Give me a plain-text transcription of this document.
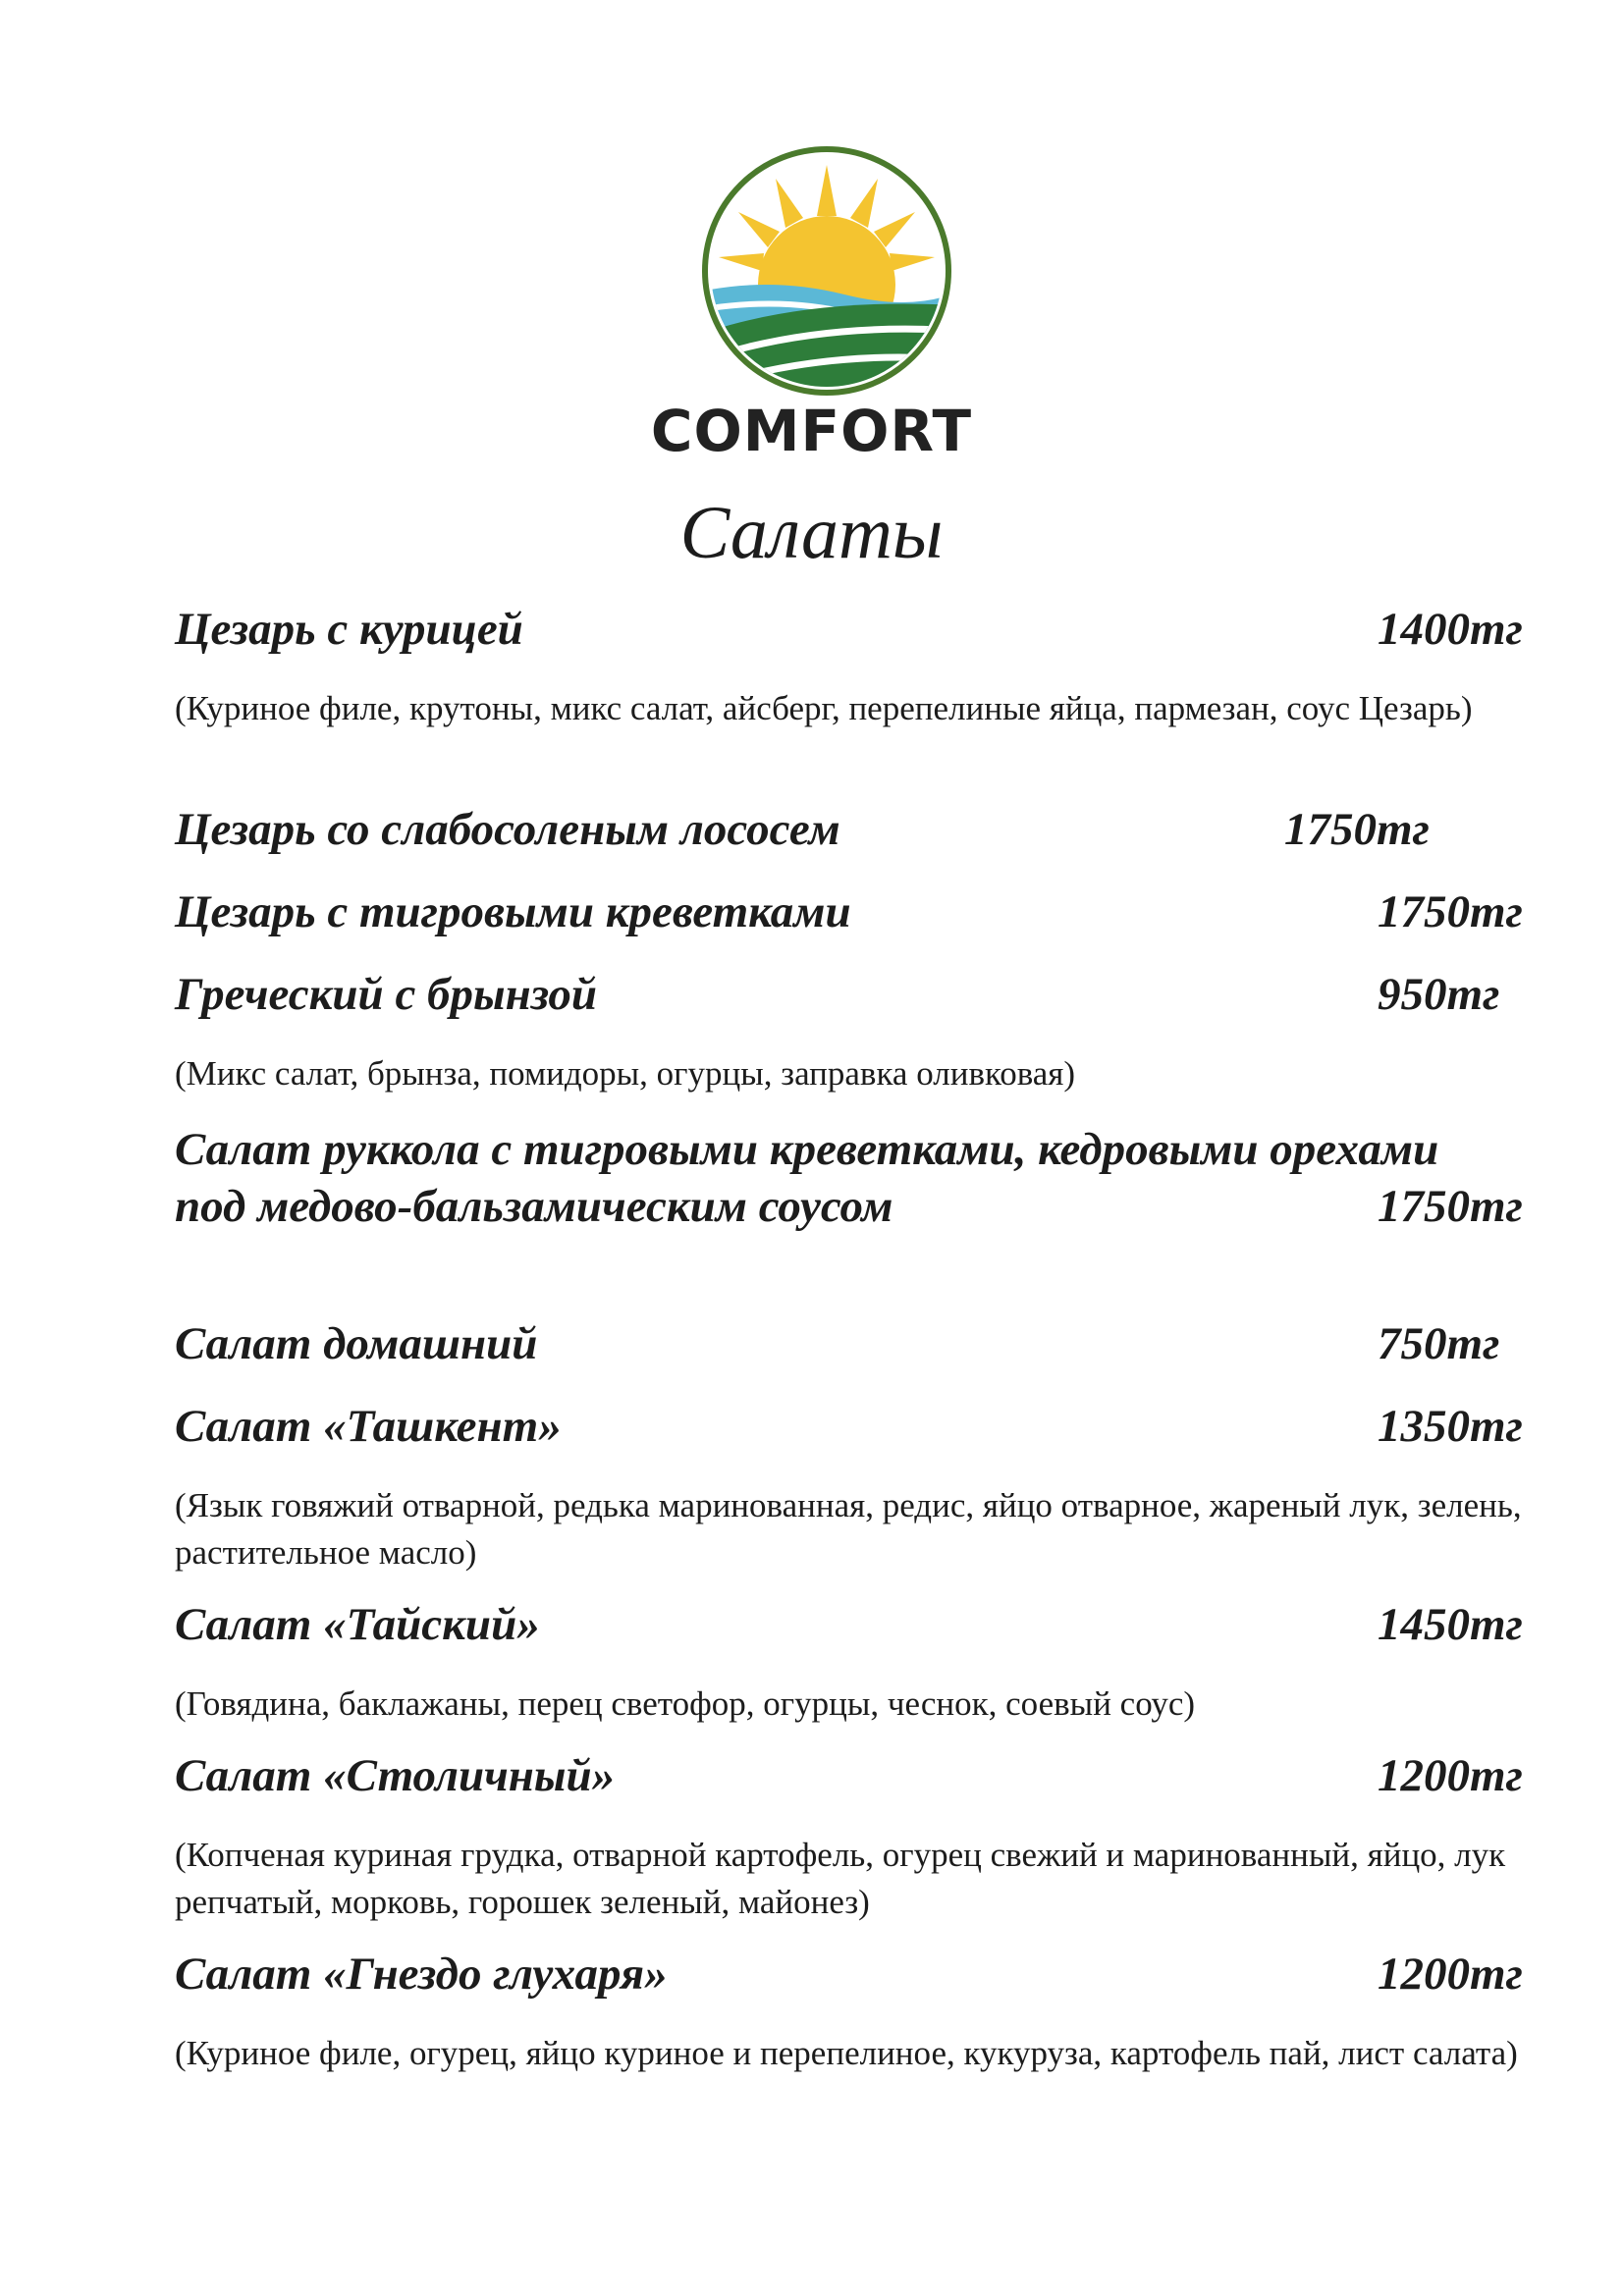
COMFORT
Салаты
Цезарь с курицей	1400тг
(Куриное филе, крутоны, микс салат, айсберг, перепелиные яйца, пармезан, соус Цезарь)
Цезарь со слабосоленым лососем	1750тг
Цезарь с тигровыми креветками	1750тг
Греческий с брынзой	950тг
(Микс салат, брынза, помидоры, огурцы, заправка оливковая)
Салат руккола с тигровыми креветками, кедровыми орехами
под медово-бальзамическим соусом	1750тг
Салат домашний	750тг
Салат «Ташкент»	1350тг
(Язык говяжий отварной, редька маринованная, редис, яйцо отварное, жареный лук, зелень, растительное масло)
Салат «Тайский»	1450тг
(Говядина, баклажаны, перец светофор, огурцы, чеснок, соевый соус)
Салат «Столичный»	1200тг
(Копченая куриная грудка, отварной картофель, огурец свежий и маринованный, яйцо, лук репчатый, морковь, горошек зеленый, майонез)
Салат «Гнездо глухаря»	1200тг
(Куриное филе, огурец, яйцо куриное и перепелиное, кукуруза, картофель пай, лист салата)
